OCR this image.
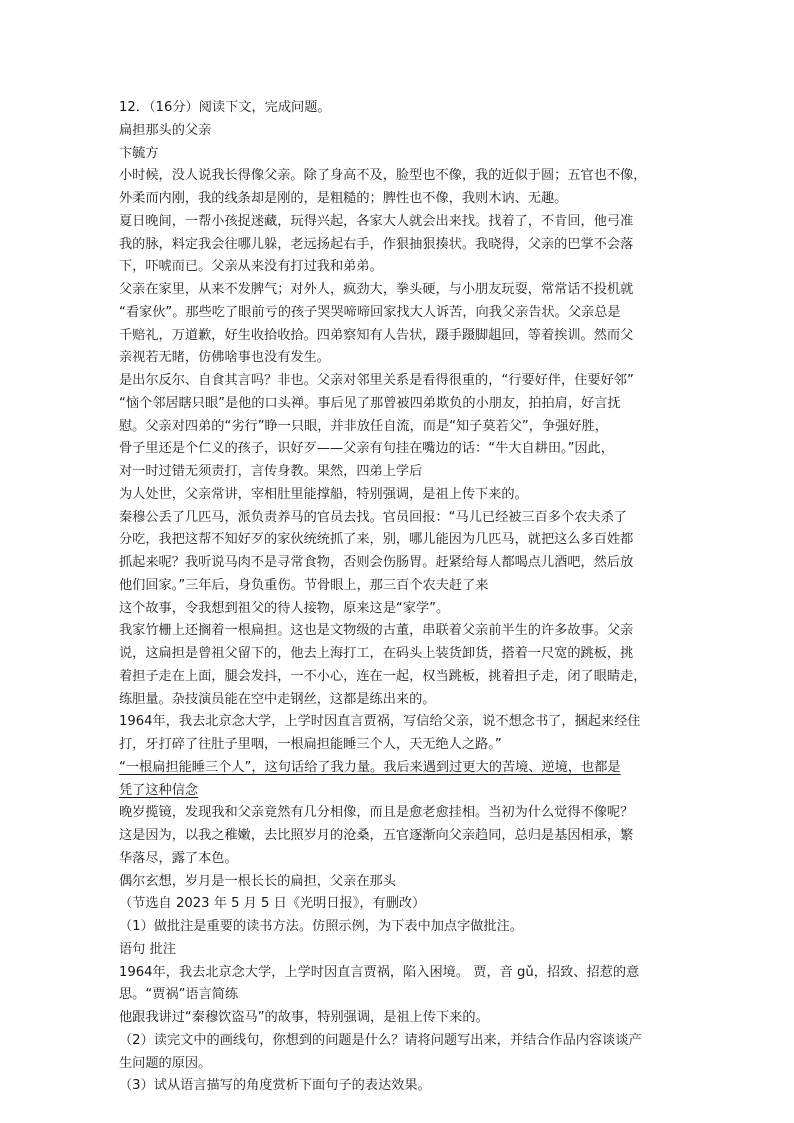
12．（16分）阅读下文，完成问题。
扁担那头的父亲
卞毓方
小时候，没人说我长得像父亲。除了身高不及，脸型也不像，我的近似于圆；五官也不像，
外柔而内刚，我的线条却是刚的，是粗糙的；脾性也不像，我则木讷、无趣。
夏日晚间，一帮小孩捉迷藏，玩得兴起，各家大人就会出来找。找着了，不肯回，他弓准
我的脉，料定我会往哪儿躲，老远扬起右手，作狠抽狠揍状。我晓得，父亲的巴掌不会落
下，吓唬而已。父亲从来没有打过我和弟弟。
父亲在家里，从来不发脾气；对外人，疯劲大，拳头硬，与小朋友玩耍，常常话不投机就
“看家伙”。那些吃了眼前亏的孩子哭哭啼啼回家找大人诉苦，向我父亲告状。父亲总是
千赔礼，万道歉，好生收拾收拾。四弟察知有人告状，蹑手蹑脚趄回，等着挨训。然而父
亲视若无睹，仿佛啥事也没有发生。
是出尔反尔、自食其言吗？非也。父亲对邻里关系是看得很重的，“行要好伴，住要好邻”
“恼个邻居瞎只眼”是他的口头禅。事后见了那曾被四弟欺负的小朋友，拍拍肩，好言抚
慰。父亲对四弟的“劣行”睁一只眼，并非放任自流，而是“知子莫若父”，争强好胜，
骨子里还是个仁义的孩子，识好歹——父亲有句挂在嘴边的话：“牛大自耕田。”因此，
对一时过错无须责打，言传身教。果然，四弟上学后
为人处世，父亲常讲，宰相肚里能撑船，特别强调，是祖上传下来的。
秦穆公丢了几匹马，派负责养马的官员去找。官员回报：“马儿已经被三百多个农夫杀了
分吃，我把这帮不知好歹的家伙统统抓了来，别，哪儿能因为几匹马，就把这么多百姓都
抓起来呢？我听说马肉不是寻常食物，否则会伤肠胃。赶紧给每人都喝点儿酒吧，然后放
他们回家。”三年后，身负重伤。节骨眼上，那三百个农夫赶了来
这个故事，令我想到祖父的待人接物，原来这是“家学”。
我家竹栅上还搁着一根扁担。这也是文物级的古董，串联着父亲前半生的许多故事。父亲
说，这扁担是曾祖父留下的，他去上海打工，在码头上装货卸货，搭着一尺宽的跳板，挑
着担子走在上面，腿会发抖，一不小心，连在一起，权当跳板，挑着担子走，闭了眼睛走，
练胆量。杂技演员能在空中走钢丝，这都是练出来的。
1964年，我去北京念大学，上学时因直言贾祸，写信给父亲，说不想念书了，捆起来经住
打，牙打碎了往肚子里咽，一根扁担能睡三个人，天无绝人之路。”
“一根扁担能睡三个人”，这句话给了我力量。我后来遇到过更大的苦境、逆境，也都是
凭了这种信念
晚岁揽镜，发现我和父亲竟然有几分相像，而且是愈老愈挂相。当初为什么觉得不像呢？
这是因为，以我之稚嫩，去比照岁月的沧桑，五官逐渐向父亲趋同，总归是基因相承，繁
华落尽，露了本色。
偶尔玄想，岁月是一根长长的扁担，父亲在那头
（节选自 2023 年 5 月 5 日《光明日报》，有删改）
（1）做批注是重要的读书方法。仿照示例，为下表中加点字做批注。
语句 批注
1964年，我去北京念大学，上学时因直言贾祸，陷入困境。 贾，音 gǔ，招致、招惹的意
思。“贾祸”语言简练
他跟我讲过“秦穆饮盗马”的故事，特别强调，是祖上传下来的。
（2）读完文中的画线句，你想到的问题是什么？请将问题写出来，并结合作品内容谈谈产
生问题的原因。
（3）试从语言描写的角度赏析下面句子的表达效果。
